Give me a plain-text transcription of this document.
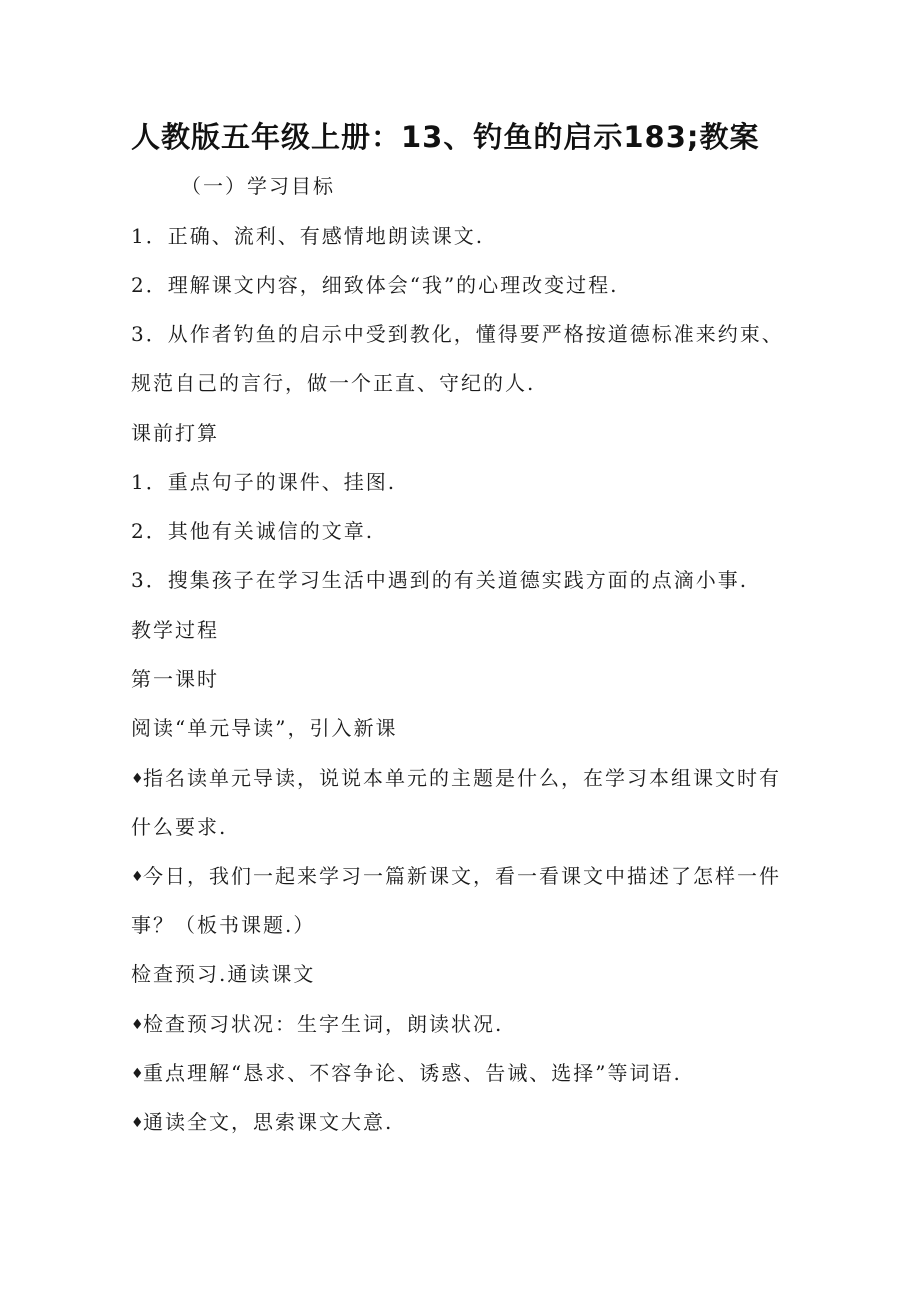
人教版五年级上册：13、钓鱼的启示183;教案
（一）学习目标
1．正确、流利、有感情地朗读课文.
2．理解课文内容，细致体会“我”的心理改变过程.
3．从作者钓鱼的启示中受到教化，懂得要严格按道德标准来约束、
规范自己的言行，做一个正直、守纪的人.
课前打算
1．重点句子的课件、挂图.
2．其他有关诚信的文章.
3．搜集孩子在学习生活中遇到的有关道德实践方面的点滴小事.
教学过程
第一课时
阅读“单元导读”，引入新课
♦指名读单元导读，说说本单元的主题是什么，在学习本组课文时有
什么要求.
♦今日，我们一起来学习一篇新课文，看一看课文中描述了怎样一件
事？（板书课题.）
检查预习.通读课文
♦检查预习状况：生字生词，朗读状况.
♦重点理解“恳求、不容争论、诱惑、告诫、选择”等词语.
♦通读全文，思索课文大意.
